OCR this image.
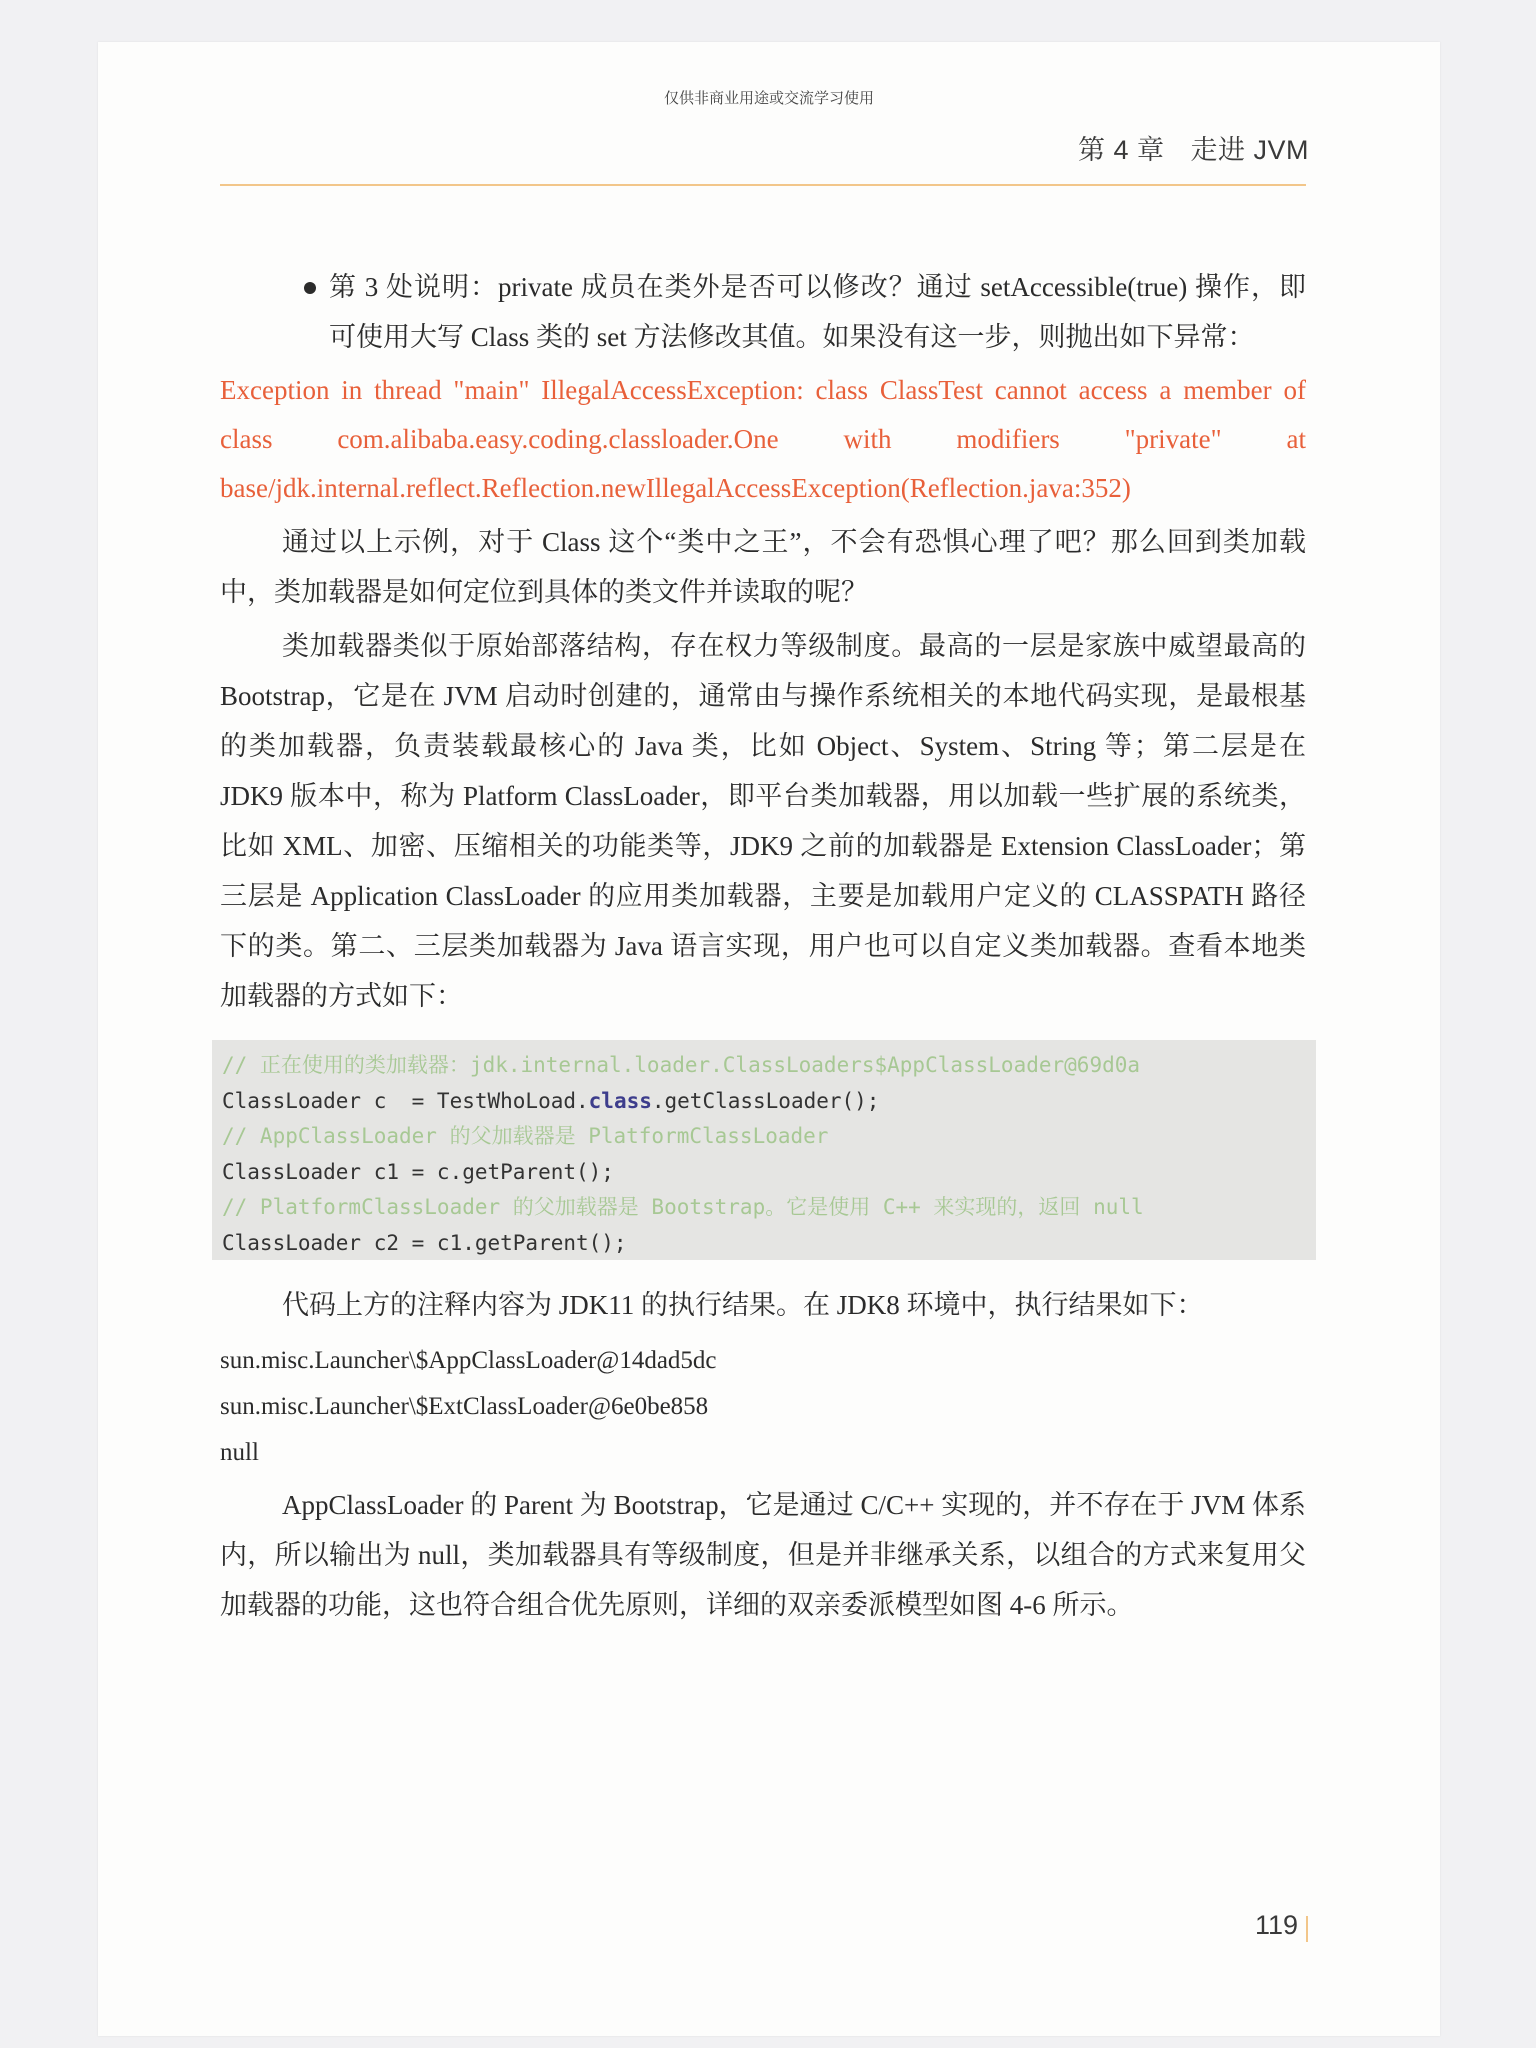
仅供非商业用途或交流学习使用
第 4 章 走进 JVM
第 3 处说明：private 成员在类外是否可以修改？通过 setAccessible(true) 操作，即可使用大写 Class 类的 set 方法修改其值。如果没有这一步，则抛出如下异常：
Exception in thread "main" IllegalAccessException: class ClassTest cannot access a member of class com.alibaba.easy.coding.classloader.One with modifiers "private" at base/jdk.internal.reflect.Reflection.newIllegalAccessException(Reflection.java:352)

通过以上示例，对于 Class 这个“类中之王”，不会有恐惧心理了吧？那么回到类加载中，类加载器是如何定位到具体的类文件并读取的呢？

类加载器类似于原始部落结构，存在权力等级制度。最高的一层是家族中威望最高的 Bootstrap，它是在 JVM 启动时创建的，通常由与操作系统相关的本地代码实现，是最根基的类加载器，负责装载最核心的 Java 类，比如 Object、System、String 等；第二层是在 JDK9 版本中，称为 Platform ClassLoader，即平台类加载器，用以加载一些扩展的系统类，比如 XML、加密、压缩相关的功能类等，JDK9 之前的加载器是 Extension ClassLoader；第三层是 Application ClassLoader 的应用类加载器，主要是加载用户定义的 CLASSPATH 路径下的类。第二、三层类加载器为 Java 语言实现，用户也可以自定义类加载器。查看本地类加载器的方式如下：

// 正在使用的类加载器：jdk.internal.loader.ClassLoaders$AppClassLoader@69d0a
ClassLoader c  = TestWhoLoad.class.getClassLoader();
// AppClassLoader 的父加载器是 PlatformClassLoader
ClassLoader c1 = c.getParent();
// PlatformClassLoader 的父加载器是 Bootstrap。它是使用 C++ 来实现的，返回 null
ClassLoader c2 = c1.getParent();

代码上方的注释内容为 JDK11 的执行结果。在 JDK8 环境中，执行结果如下：

sun.misc.Launcher\$AppClassLoader@14dad5dc
sun.misc.Launcher\$ExtClassLoader@6e0be858
null

AppClassLoader 的 Parent 为 Bootstrap，它是通过 C/C++ 实现的，并不存在于 JVM 体系内，所以输出为 null，类加载器具有等级制度，但是并非继承关系，以组合的方式来复用父加载器的功能，这也符合组合优先原则，详细的双亲委派模型如图 4-6 所示。

119
